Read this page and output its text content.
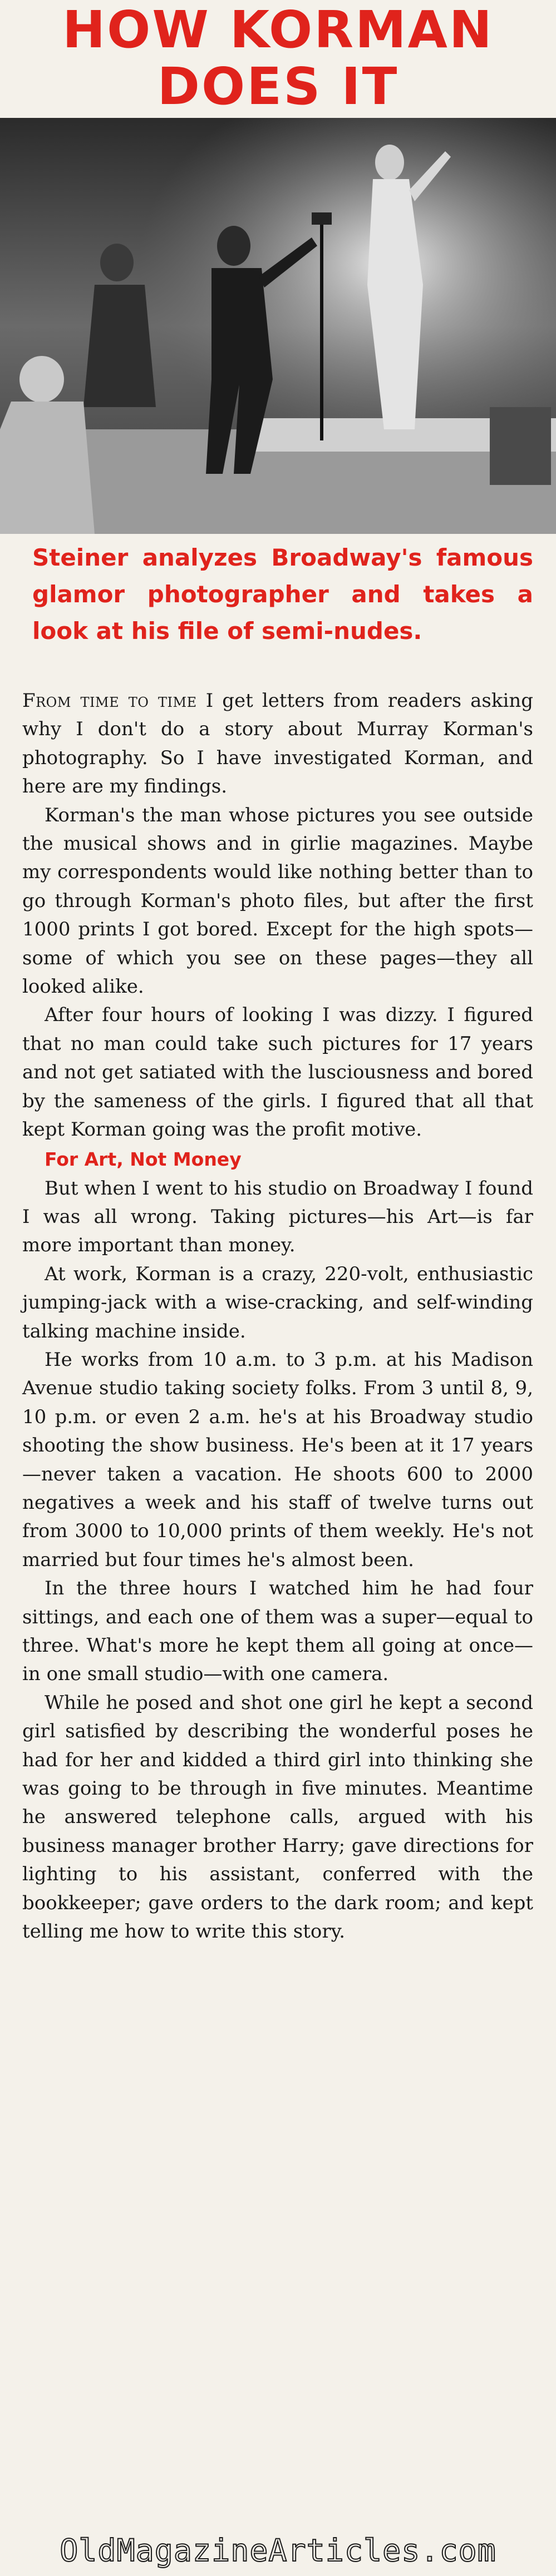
HOW KORMAN
DOES IT
Steiner analyzes Broadway's famous glamor photographer and takes a look at his file of semi-nudes.

From time to time I get letters from readers asking why I don't do a story about Murray Korman's photography. So I have investigated Korman, and here are my findings.

Korman's the man whose pictures you see outside the musical shows and in girlie magazines. Maybe my correspondents would like nothing better than to go through Korman's photo files, but after the first 1000 prints I got bored. Except for the high spots—some of which you see on these pages—they all looked alike.

After four hours of looking I was dizzy. I figured that no man could take such pictures for 17 years and not get satiated with the lusciousness and bored by the sameness of the girls. I figured that all that kept Korman going was the profit motive.

For Art, Not Money

But when I went to his studio on Broadway I found I was all wrong. Taking pictures—his Art—is far more important than money.

At work, Korman is a crazy, 220-volt, enthusiastic jumping-jack with a wise-cracking, and self-winding talking machine inside.

He works from 10 a.m. to 3 p.m. at his Madison Avenue studio taking society folks. From 3 until 8, 9, 10 p.m. or even 2 a.m. he's at his Broadway studio shooting the show business. He's been at it 17 years—never taken a vacation. He shoots 600 to 2000 negatives a week and his staff of twelve turns out from 3000 to 10,000 prints of them weekly. He's not married but four times he's almost been.

In the three hours I watched him he had four sittings, and each one of them was a super—equal to three. What's more he kept them all going at once—in one small studio—with one camera.

While he posed and shot one girl he kept a second girl satisfied by describing the wonderful poses he had for her and kidded a third girl into thinking she was going to be through in five minutes. Meantime he answered telephone calls, argued with his business manager brother Harry; gave directions for lighting to his assistant, conferred with the bookkeeper; gave orders to the dark room; and kept telling me how to write this story.

OldMagazineArticles.com
